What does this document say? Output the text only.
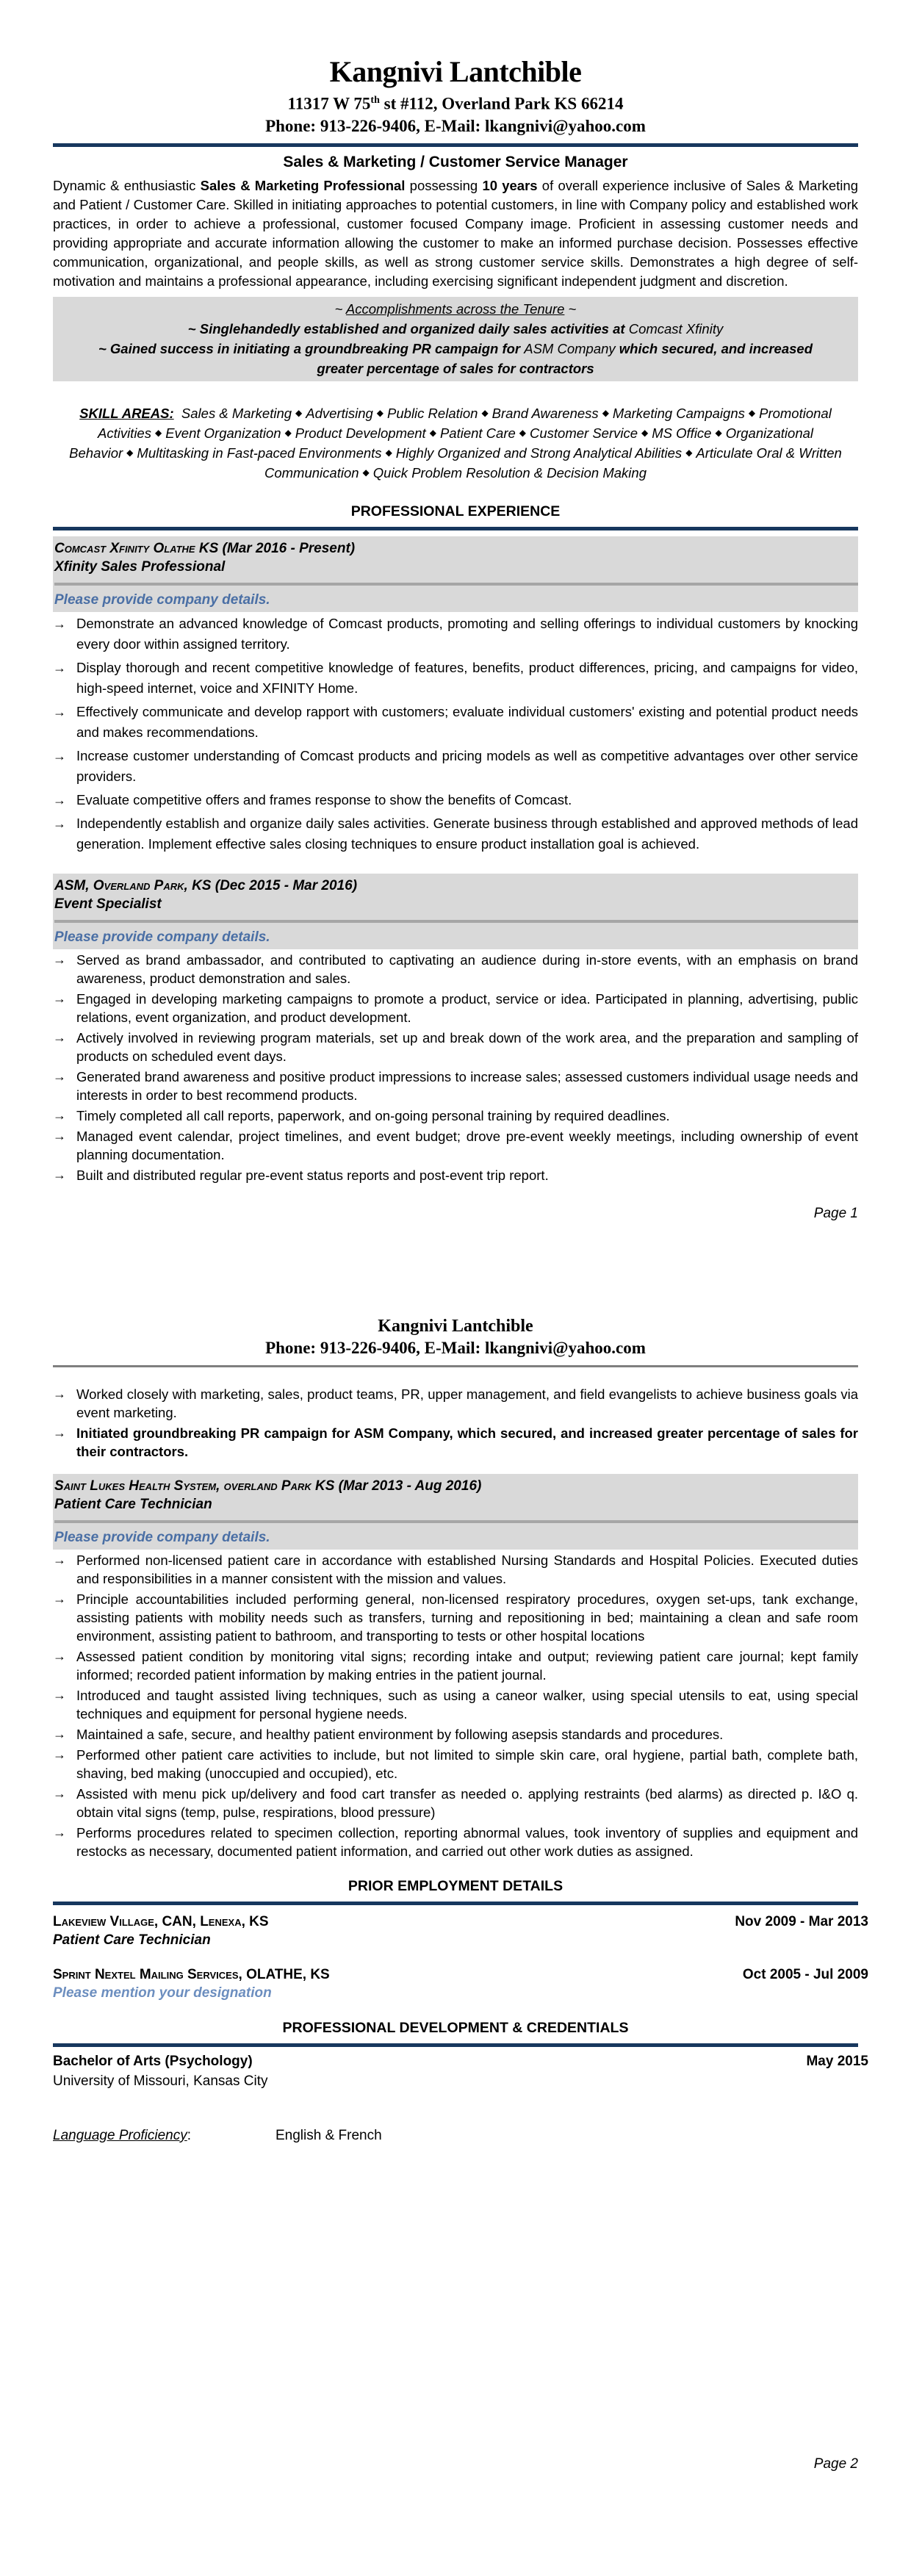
Kangnivi Lantchible
11317 W 75th st #112, Overland Park KS 66214
Phone: 913-226-9406, E-Mail: lkangnivi@yahoo.com
Sales & Marketing / Customer Service Manager
Dynamic & enthusiastic Sales & Marketing Professional possessing 10 years of overall experience inclusive of Sales & Marketing and Patient / Customer Care. Skilled in initiating approaches to potential customers, in line with Company policy and established work practices, in order to achieve a professional, customer focused Company image. Proficient in assessing customer needs and providing appropriate and accurate information allowing the customer to make an informed purchase decision. Possesses effective communication, organizational, and people skills, as well as strong customer service skills. Demonstrates a high degree of self-motivation and maintains a professional appearance, including exercising significant independent judgment and discretion.
~ Accomplishments across the Tenure ~
~ Singlehandedly established and organized daily sales activities at Comcast Xfinity
~ Gained success in initiating a groundbreaking PR campaign for ASM Company which secured, and increased greater percentage of sales for contractors
SKILL AREAS: Sales & Marketing ◆ Advertising ◆ Public Relation ◆ Brand Awareness ◆ Marketing Campaigns ◆ Promotional Activities ◆ Event Organization ◆ Product Development ◆ Patient Care ◆ Customer Service ◆ MS Office ◆ Organizational Behavior ◆ Multitasking in Fast-paced Environments ◆ Highly Organized and Strong Analytical Abilities ◆ Articulate Oral & Written Communication ◆ Quick Problem Resolution & Decision Making
PROFESSIONAL EXPERIENCE
Comcast Xfinity Olathe KS (Mar 2016 - Present)
Xfinity Sales Professional
Please provide company details.
→ Demonstrate an advanced knowledge of Comcast products, promoting and selling offerings to individual customers by knocking every door within assigned territory.
→ Display thorough and recent competitive knowledge of features, benefits, product differences, pricing, and campaigns for video, high-speed internet, voice and XFINITY Home.
→ Effectively communicate and develop rapport with customers; evaluate individual customers' existing and potential product needs and makes recommendations.
→ Increase customer understanding of Comcast products and pricing models as well as competitive advantages over other service providers.
→ Evaluate competitive offers and frames response to show the benefits of Comcast.
→ Independently establish and organize daily sales activities. Generate business through established and approved methods of lead generation. Implement effective sales closing techniques to ensure product installation goal is achieved.
ASM, Overland Park, KS (Dec 2015 - Mar 2016)
Event Specialist
Please provide company details.
→ Served as brand ambassador, and contributed to captivating an audience during in-store events, with an emphasis on brand awareness, product demonstration and sales.
→ Engaged in developing marketing campaigns to promote a product, service or idea. Participated in planning, advertising, public relations, event organization, and product development.
→ Actively involved in reviewing program materials, set up and break down of the work area, and the preparation and sampling of products on scheduled event days.
→ Generated brand awareness and positive product impressions to increase sales; assessed customers individual usage needs and interests in order to best recommend products.
→ Timely completed all call reports, paperwork, and on-going personal training by required deadlines.
→ Managed event calendar, project timelines, and event budget; drove pre-event weekly meetings, including ownership of event planning documentation.
→ Built and distributed regular pre-event status reports and post-event trip report.
Page 1
Kangnivi Lantchible
Phone: 913-226-9406, E-Mail: lkangnivi@yahoo.com
→ Worked closely with marketing, sales, product teams, PR, upper management, and field evangelists to achieve business goals via event marketing.
→ Initiated groundbreaking PR campaign for ASM Company, which secured, and increased greater percentage of sales for their contractors.
Saint Lukes Health System, overland Park KS (Mar 2013 - Aug 2016)
Patient Care Technician
Please provide company details.
→ Performed non-licensed patient care in accordance with established Nursing Standards and Hospital Policies. Executed duties and responsibilities in a manner consistent with the mission and values.
→ Principle accountabilities included performing general, non-licensed respiratory procedures, oxygen set-ups, tank exchange, assisting patients with mobility needs such as transfers, turning and repositioning in bed; maintaining a clean and safe room environment, assisting patient to bathroom, and transporting to tests or other hospital locations
→ Assessed patient condition by monitoring vital signs; recording intake and output; reviewing patient care journal; kept family informed; recorded patient information by making entries in the patient journal.
→ Introduced and taught assisted living techniques, such as using a caneor walker, using special utensils to eat, using special techniques and equipment for personal hygiene needs.
→ Maintained a safe, secure, and healthy patient environment by following asepsis standards and procedures.
→ Performed other patient care activities to include, but not limited to simple skin care, oral hygiene, partial bath, complete bath, shaving, bed making (unoccupied and occupied), etc.
→ Assisted with menu pick up/delivery and food cart transfer as needed o. applying restraints (bed alarms) as directed p. I&O q. obtain vital signs (temp, pulse, respirations, blood pressure)
→ Performs procedures related to specimen collection, reporting abnormal values, took inventory of supplies and equipment and restocks as necessary, documented patient information, and carried out other work duties as assigned.
PRIOR EMPLOYMENT DETAILS
Lakeview Village, CAN, Lenexa, KS	Nov 2009 - Mar 2013
Patient Care Technician
Sprint Nextel Mailing Services, OLATHE, KS	Oct 2005 - Jul 2009
Please mention your designation
PROFESSIONAL DEVELOPMENT & CREDENTIALS
Bachelor of Arts (Psychology)	May 2015
University of Missouri, Kansas City
Language Proficiency:	English & French
Page 2
